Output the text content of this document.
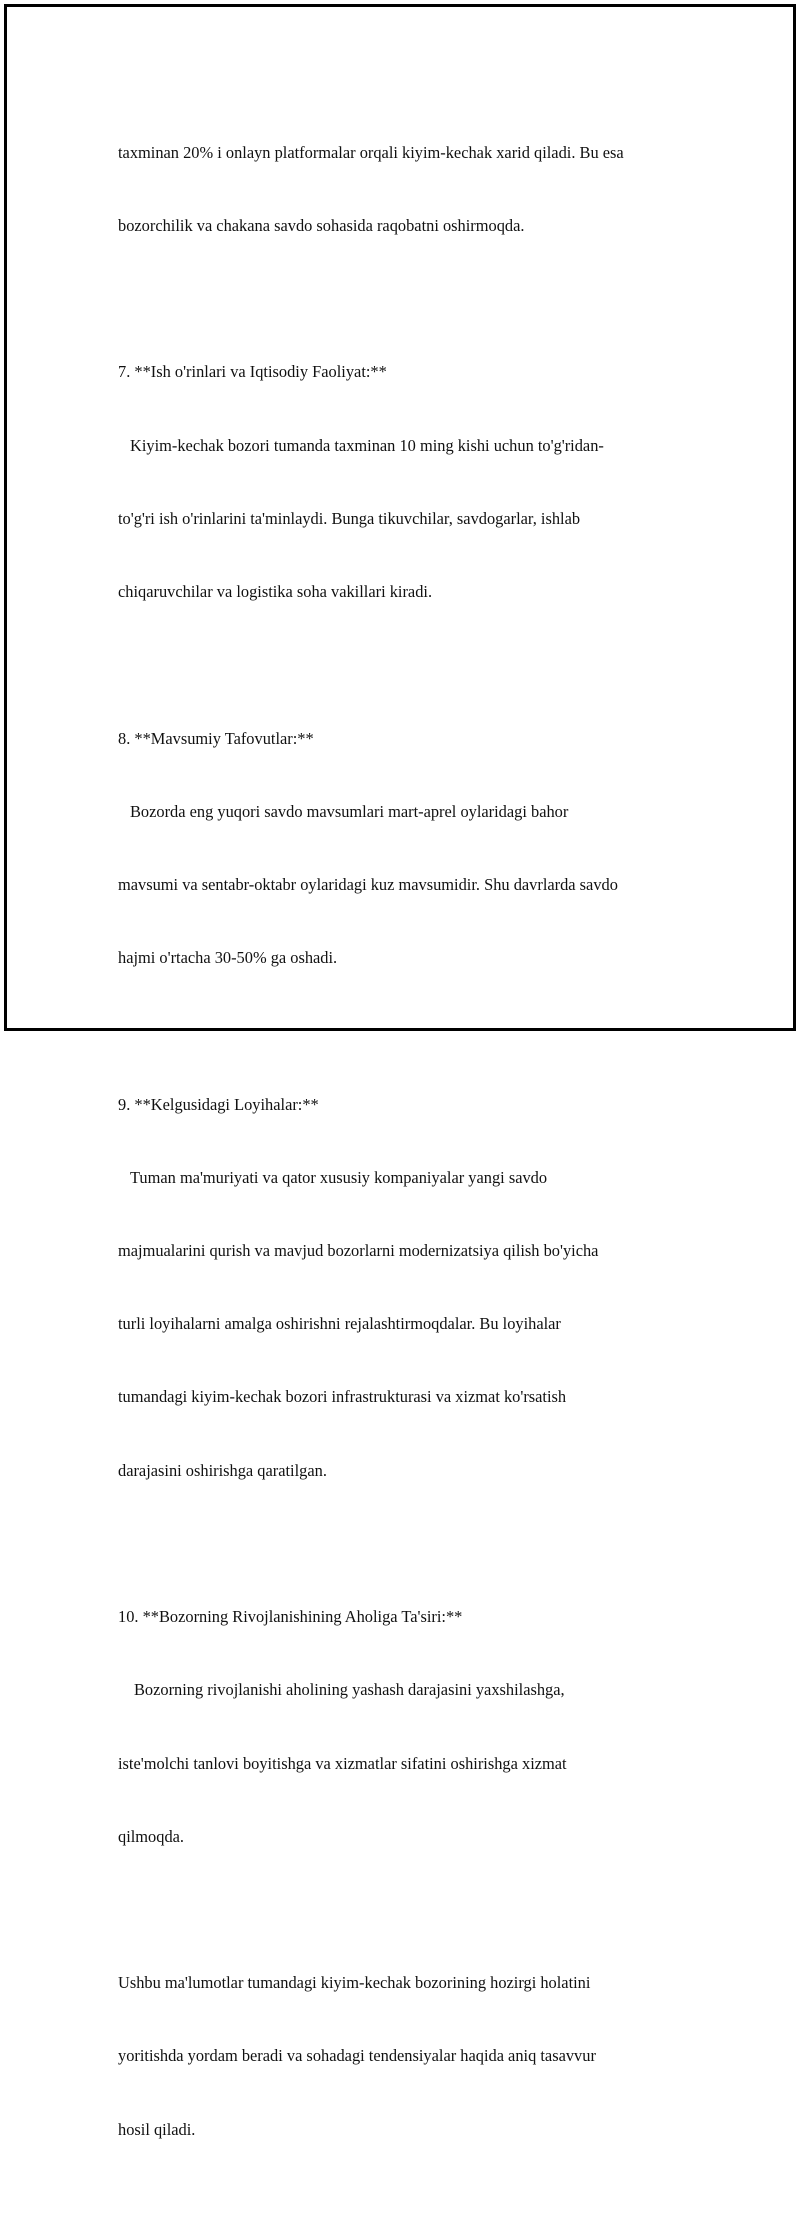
taxminan 20% i onlayn platformalar orqali kiyim-kechak xarid qiladi. Bu esa

bozorchilik va chakana savdo sohasida raqobatni oshirmoqda.

7. **Ish o'rinlari va Iqtisodiy Faoliyat:**

Kiyim-kechak bozori tumanda taxminan 10 ming kishi uchun to'g'ridan-

to'g'ri ish o'rinlarini ta'minlaydi. Bunga tikuvchilar, savdogarlar, ishlab

chiqaruvchilar va logistika soha vakillari kiradi.

8. **Mavsumiy Tafovutlar:**

Bozorda eng yuqori savdo mavsumlari mart-aprel oylaridagi bahor

mavsumi va sentabr-oktabr oylaridagi kuz mavsumidir. Shu davrlarda savdo

hajmi o'rtacha 30-50% ga oshadi.

9. **Kelgusidagi Loyihalar:**

Tuman ma'muriyati va qator xususiy kompaniyalar yangi savdo

majmualarini qurish va mavjud bozorlarni modernizatsiya qilish bo'yicha

turli loyihalarni amalga oshirishni rejalashtirmoqdalar. Bu loyihalar

tumandagi kiyim-kechak bozori infrastrukturasi va xizmat ko'rsatish

darajasini oshirishga qaratilgan.

10. **Bozorning Rivojlanishining Aholiga Ta'siri:**

Bozorning rivojlanishi aholining yashash darajasini yaxshilashga,

iste'molchi tanlovi boyitishga va xizmatlar sifatini oshirishga xizmat

qilmoqda.

Ushbu ma'lumotlar tumandagi kiyim-kechak bozorining hozirgi holatini

yoritishda yordam beradi va sohadagi tendensiyalar haqida aniq tasavvur

hosil qiladi.
